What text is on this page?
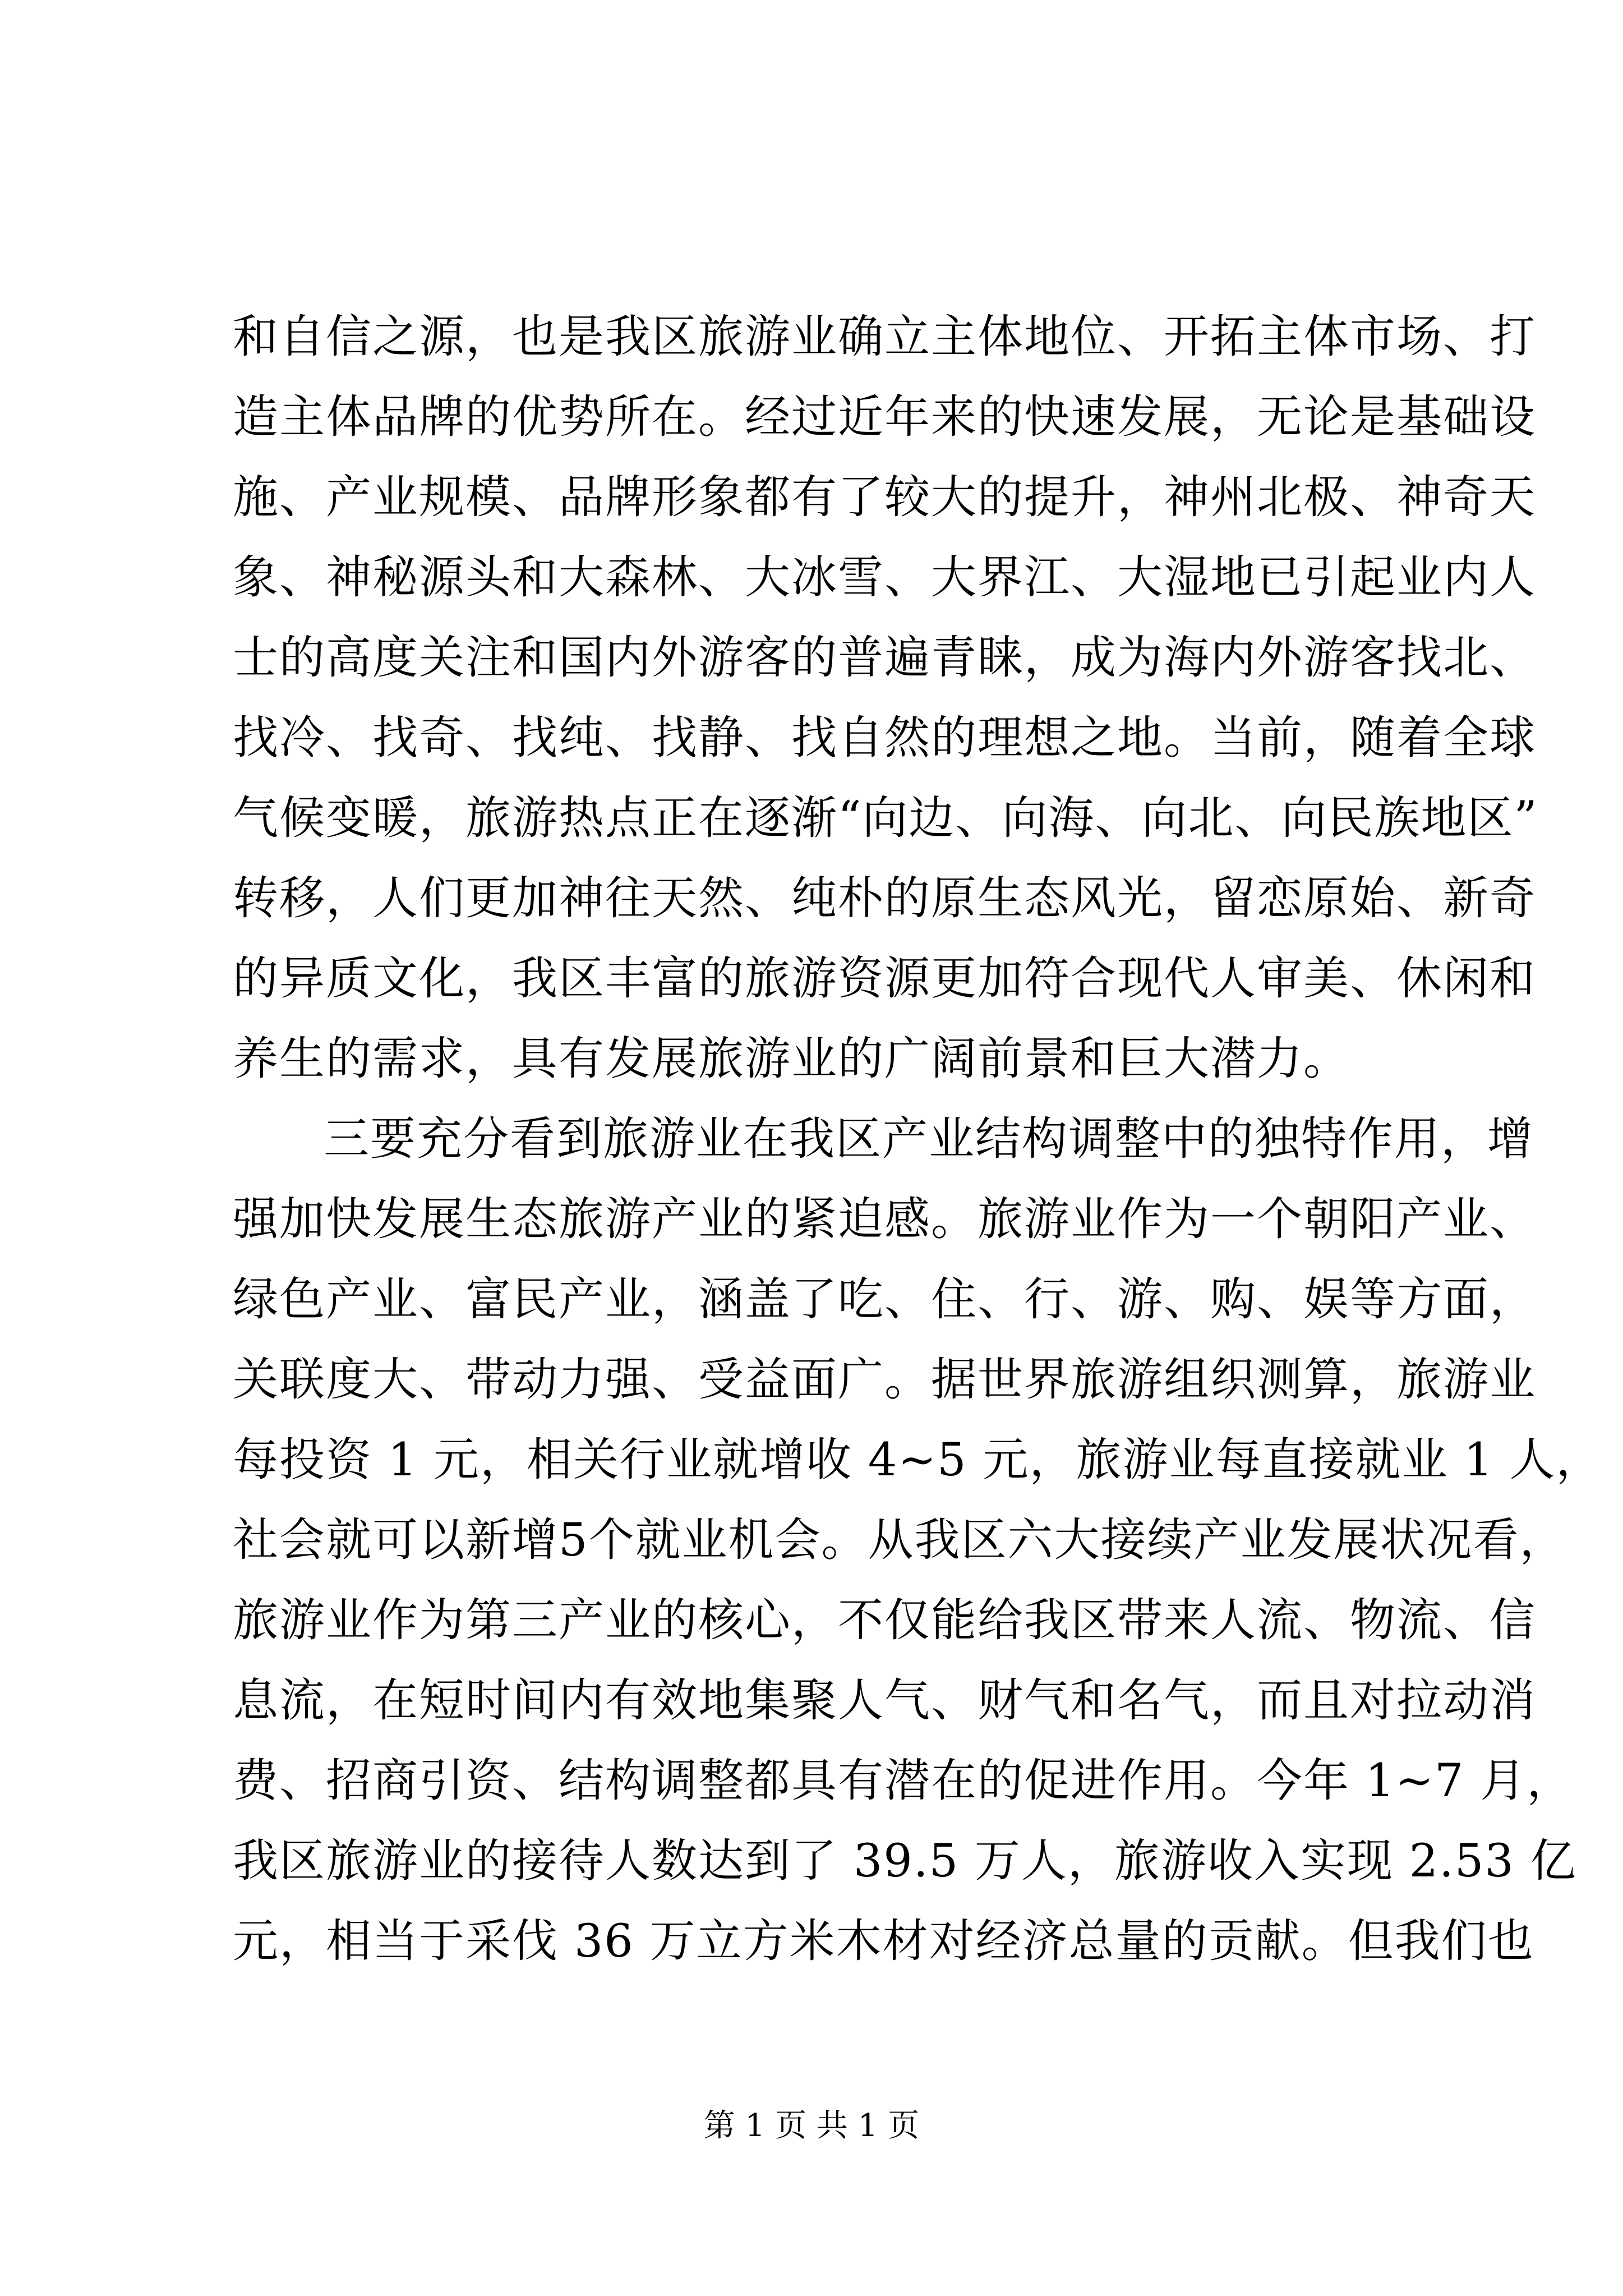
和自信之源，也是我区旅游业确立主体地位、开拓主体市场、打
造主体品牌的优势所在。经过近年来的快速发展，无论是基础设
施、产业规模、品牌形象都有了较大的提升，神州北极、神奇天
象、神秘源头和大森林、大冰雪、大界江、大湿地已引起业内人
士的高度关注和国内外游客的普遍青睐，成为海内外游客找北、
找冷、找奇、找纯、找静、找自然的理想之地。当前，随着全球
气候变暖，旅游热点正在逐渐“向边、向海、向北、向民族地区”
转移，人们更加神往天然、纯朴的原生态风光，留恋原始、新奇
的异质文化，我区丰富的旅游资源更加符合现代人审美、休闲和
养生的需求，具有发展旅游业的广阔前景和巨大潜力。
三要充分看到旅游业在我区产业结构调整中的独特作用，增
强加快发展生态旅游产业的紧迫感。旅游业作为一个朝阳产业、
绿色产业、富民产业，涵盖了吃、住、行、游、购、娱等方面，
关联度大、带动力强、受益面广。据世界旅游组织测算，旅游业
每投资 1 元，相关行业就增收 4~5 元，旅游业每直接就业 1 人，
社会就可以新增5个就业机会。从我区六大接续产业发展状况看，
旅游业作为第三产业的核心，不仅能给我区带来人流、物流、信
息流，在短时间内有效地集聚人气、财气和名气，而且对拉动消
费、招商引资、结构调整都具有潜在的促进作用。今年 1~7 月，
我区旅游业的接待人数达到了 39.5 万人，旅游收入实现 2.53 亿
元，相当于采伐 36 万立方米木材对经济总量的贡献。但我们也
第 1 页 共 1 页
